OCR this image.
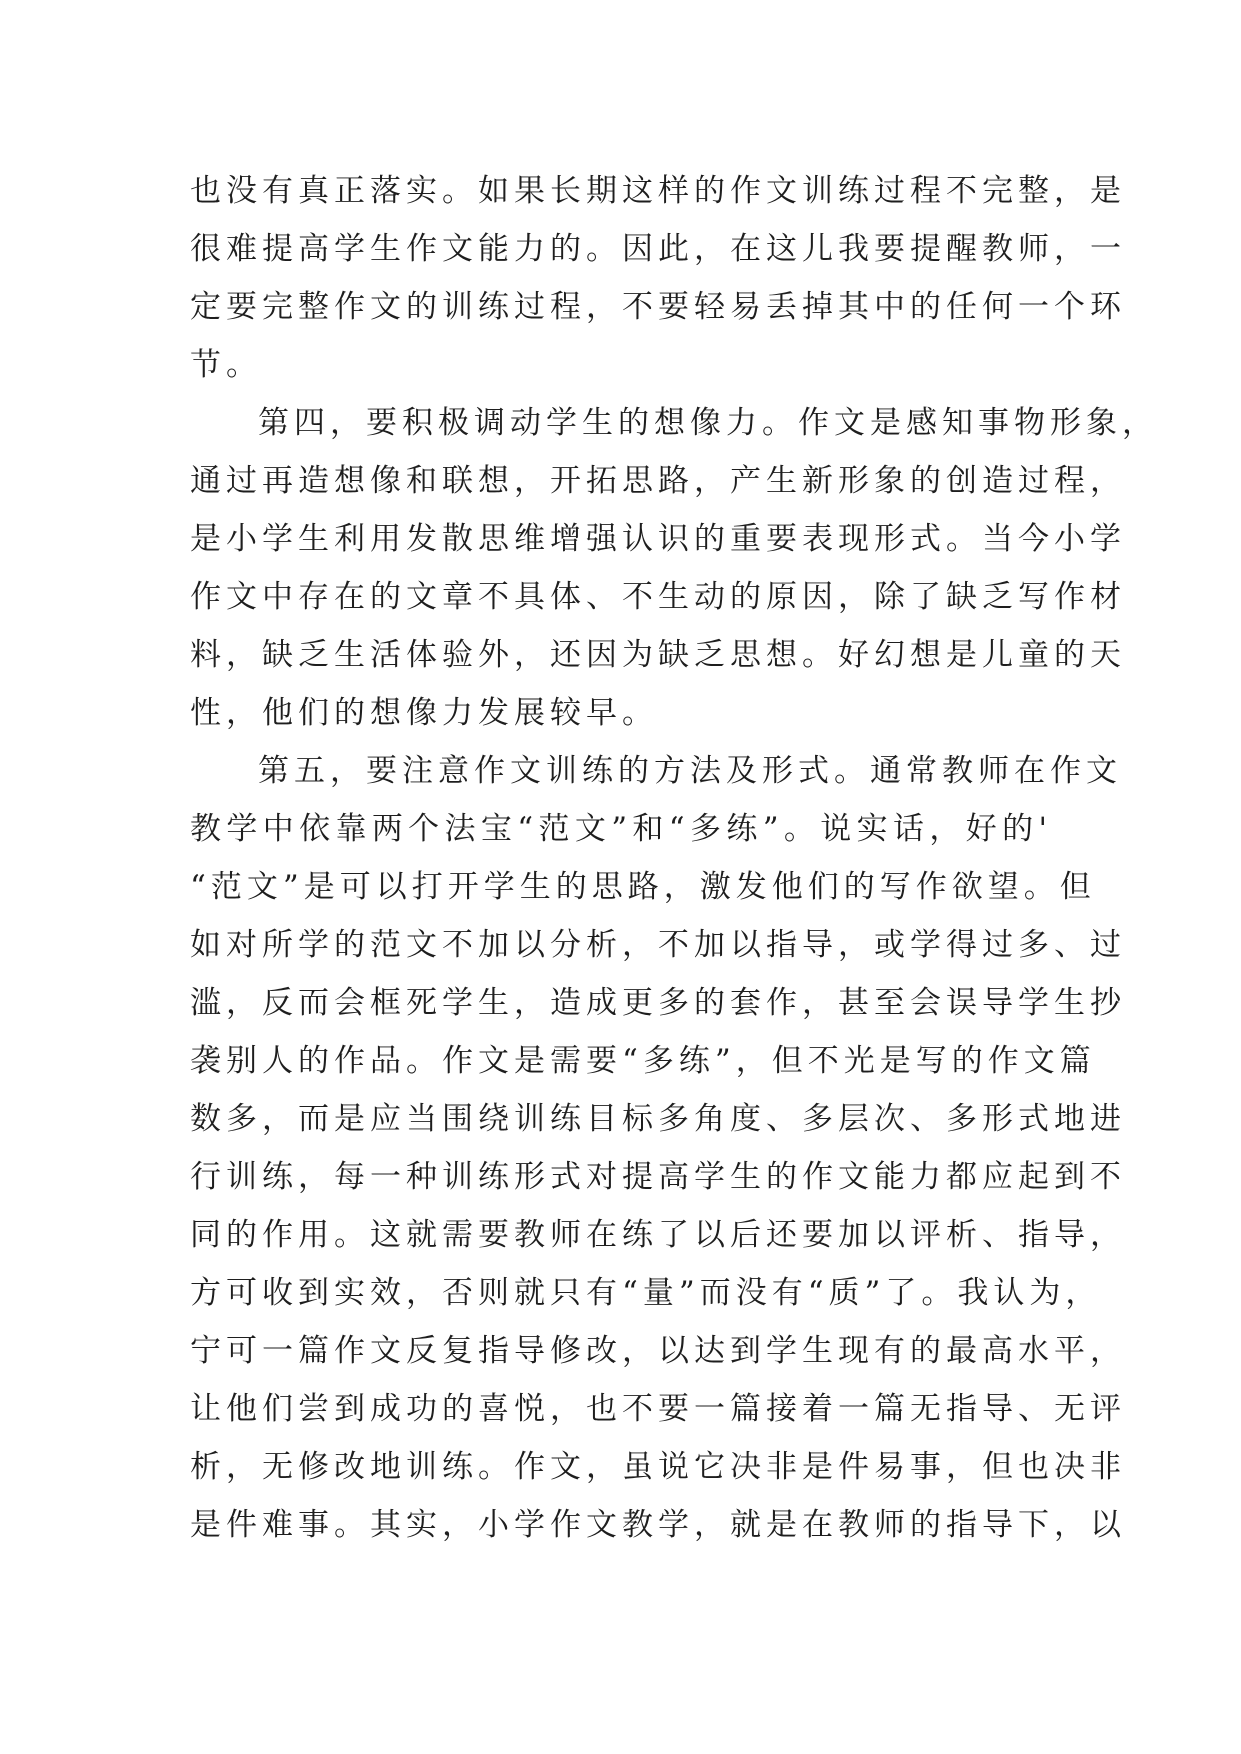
也没有真正落实。如果长期这样的作文训练过程不完整，是
很难提高学生作文能力的。因此，在这儿我要提醒教师，一
定要完整作文的训练过程，不要轻易丢掉其中的任何一个环
节。
第四，要积极调动学生的想像力。作文是感知事物形象，
通过再造想像和联想，开拓思路，产生新形象的创造过程，
是小学生利用发散思维增强认识的重要表现形式。当今小学
作文中存在的文章不具体、不生动的原因，除了缺乏写作材
料，缺乏生活体验外，还因为缺乏思想。好幻想是儿童的天
性，他们的想像力发展较早。
第五，要注意作文训练的方法及形式。通常教师在作文
教学中依靠两个法宝“范文”和“多练”。说实话，好的'
“范文”是可以打开学生的思路，激发他们的写作欲望。但
如对所学的范文不加以分析，不加以指导，或学得过多、过
滥，反而会框死学生，造成更多的套作，甚至会误导学生抄
袭别人的作品。作文是需要“多练”，但不光是写的作文篇
数多，而是应当围绕训练目标多角度、多层次、多形式地进
行训练，每一种训练形式对提高学生的作文能力都应起到不
同的作用。这就需要教师在练了以后还要加以评析、指导，
方可收到实效，否则就只有“量”而没有“质”了。我认为，
宁可一篇作文反复指导修改，以达到学生现有的最高水平，
让他们尝到成功的喜悦，也不要一篇接着一篇无指导、无评
析，无修改地训练。作文，虽说它决非是件易事，但也决非
是件难事。其实，小学作文教学，就是在教师的指导下，以
